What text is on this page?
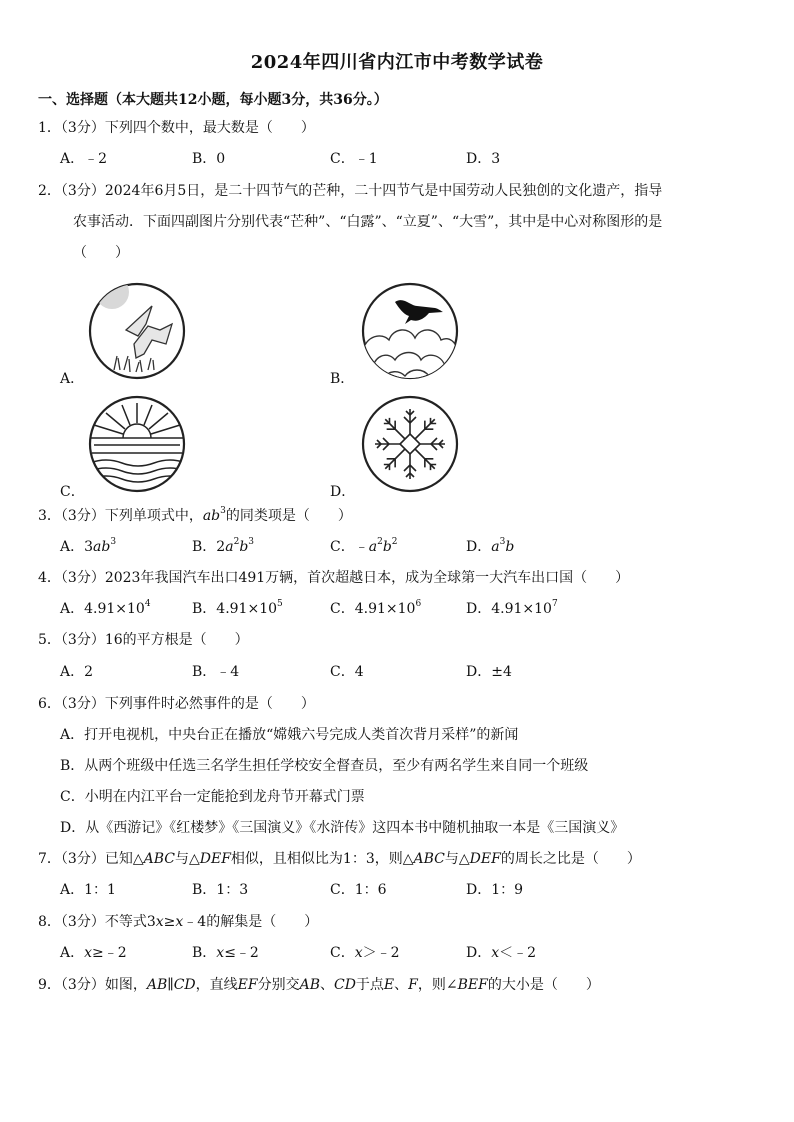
2024年四川省内江市中考数学试卷
一、选择题（本大题共12小题，每小题3分，共36分。）
1．（3分）下列四个数中，最大数是（　　）
A．﹣2	B．0	C．﹣1	D．3
2．（3分）2024年6月5日，是二十四节气的芒种，二十四节气是中国劳动人民独创的文化遗产，指导
农事活动．下面四副图片分别代表“芒种”、“白露”、“立夏”、“大雪”，其中是中心对称图形的是
（　　）
A．	B．
C．	D．
3．（3分）下列单项式中，$ab^3$的同类项是（　　）
A．$3ab^3$	B．$2a^2b^3$	C．$﹣a^2b^2$	D．$a^3b$
4．（3分）2023年我国汽车出口491万辆，首次超越日本，成为全球第一大汽车出口国（　　）
A．$4.91\times 10^4$	B．$4.91\times 10^5$	C．$4.91\times 10^6$	D．$4.91\times 10^7$
5．（3分）16的平方根是（　　）
A．2	B．﹣4	C．4	D．±4
6．（3分）下列事件时必然事件的是（　　）
A．打开电视机，中央台正在播放“嫦娥六号完成人类首次背月采样”的新闻
B．从两个班级中任选三名学生担任学校安全督查员，至少有两名学生来自同一个班级
C．小明在内江平台一定能抢到龙舟节开幕式门票
D．从《西游记》《红楼梦》《三国演义》《水浒传》这四本书中随机抽取一本是《三国演义》
7．（3分）已知△ABC与△DEF相似，且相似比为1：3，则△ABC与△DEF的周长之比是（　　）
A．1：1	B．1：3	C．1：6	D．1：9
8．（3分）不等式3x≥x﹣4的解集是（　　）
A．x≥﹣2	B．x≤﹣2	C．x＞﹣2	D．x＜﹣2
9．（3分）如图，AB∥CD，直线EF分别交AB、CD于点E、F，则∠BEF的大小是（　　）
